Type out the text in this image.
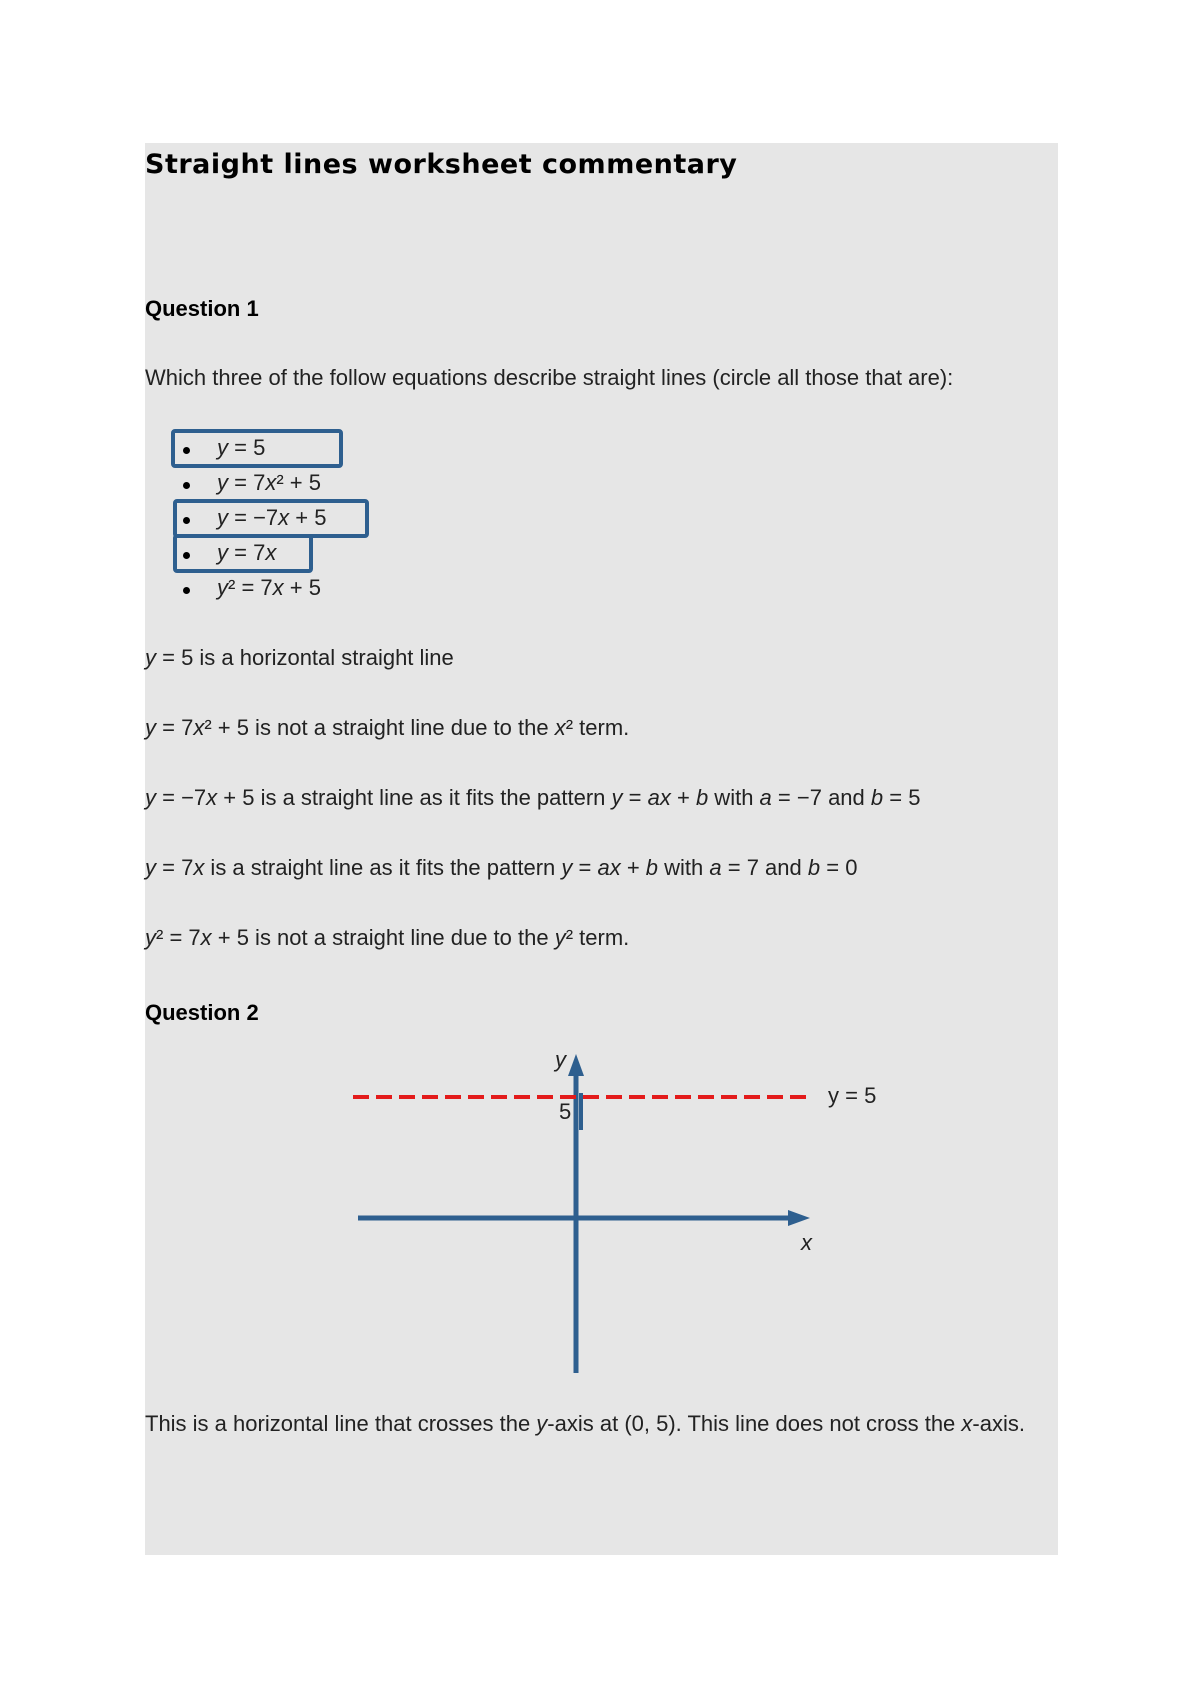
Straight lines worksheet commentary
Question 1
Which three of the follow equations describe straight lines (circle all those that are):
y = 5
y = 7x² + 5
y = −7x + 5
y = 7x
y² = 7x + 5
y = 5 is a horizontal straight line
y = 7x² + 5 is not a straight line due to the x² term.
y = −7x + 5 is a straight line as it fits the pattern y = ax + b with a = −7 and b = 5
y = 7x is a straight line as it fits the pattern y = ax + b with a = 7 and b = 0
y² = 7x + 5 is not a straight line due to the y² term.
Question 2
y
x
5
y = 5
This is a horizontal line that crosses the y-axis at (0, 5). This line does not cross the x-axis.
